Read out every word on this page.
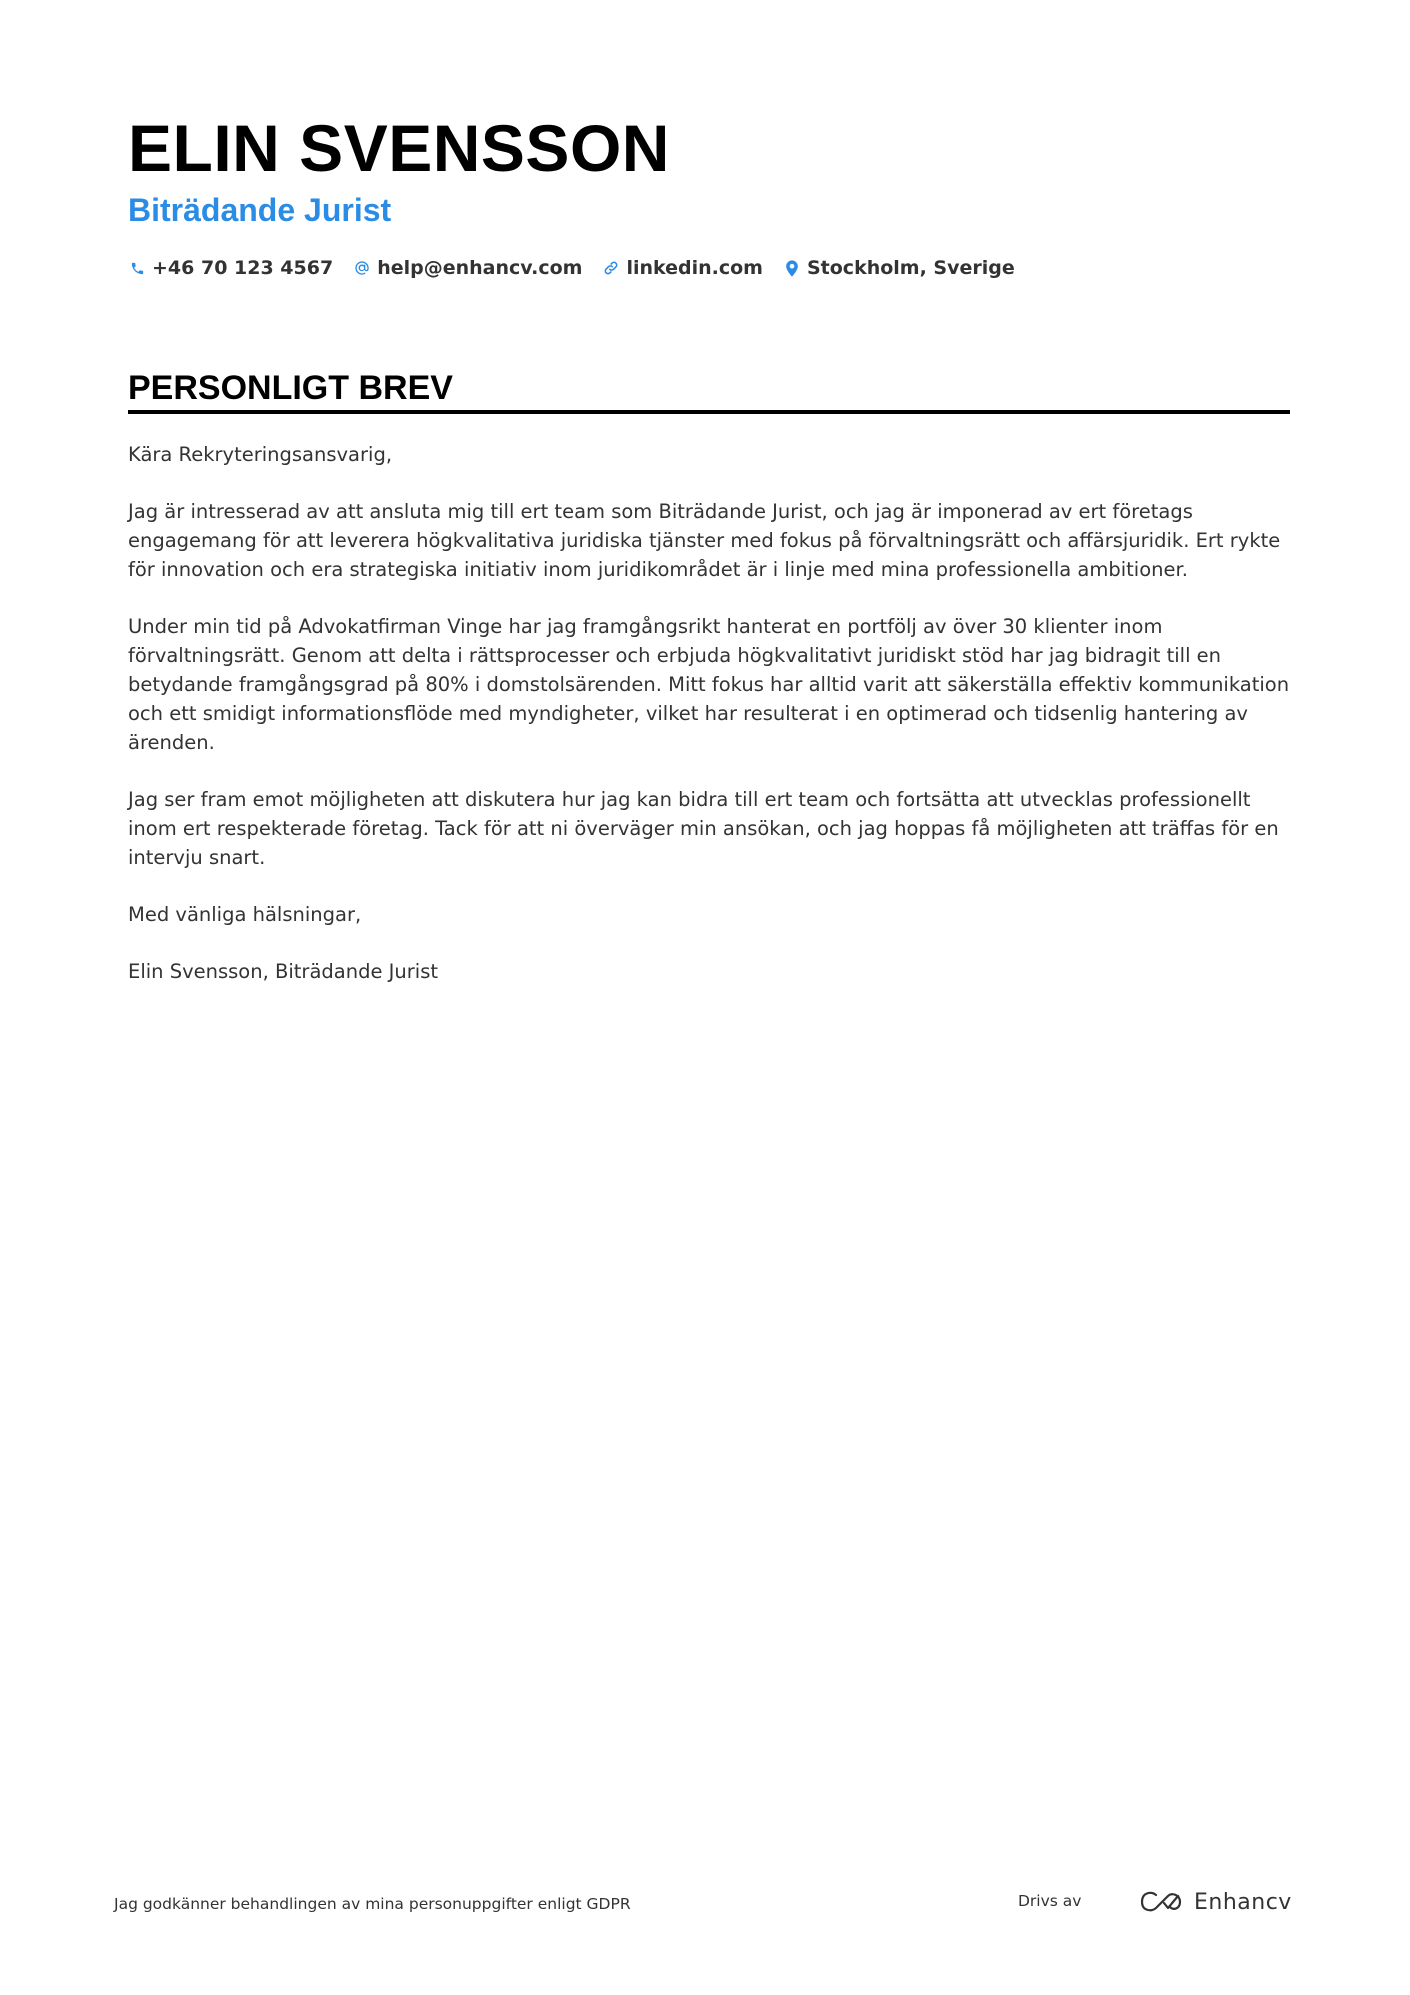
ELIN SVENSSON
Biträdande Jurist
+46 70 123 4567 help@enhancv.com linkedin.com Stockholm, Sverige
PERSONLIGT BREV

Kära Rekryteringsansvarig,

Jag är intresserad av att ansluta mig till ert team som Biträdande Jurist, och jag är imponerad av ert företags engagemang för att leverera högkvalitativa juridiska tjänster med fokus på förvaltningsrätt och affärsjuridik. Ert rykte för innovation och era strategiska initiativ inom juridikområdet är i linje med mina professionella ambitioner.

Under min tid på Advokatfirman Vinge har jag framgångsrikt hanterat en portfölj av över 30 klienter inom förvaltningsrätt. Genom att delta i rättsprocesser och erbjuda högkvalitativt juridiskt stöd har jag bidragit till en betydande framgångsgrad på 80% i domstolsärenden. Mitt fokus har alltid varit att säkerställa effektiv kommunikation och ett smidigt informationsflöde med myndigheter, vilket har resulterat i en optimerad och tidsenlig hantering av ärenden.

Jag ser fram emot möjligheten att diskutera hur jag kan bidra till ert team och fortsätta att utvecklas professionellt inom ert respekterade företag. Tack för att ni överväger min ansökan, och jag hoppas få möjligheten att träffas för en intervju snart.

Med vänliga hälsningar,

Elin Svensson, Biträdande Jurist

Jag godkänner behandlingen av mina personuppgifter enligt GDPR	Drivs av	Enhancv
